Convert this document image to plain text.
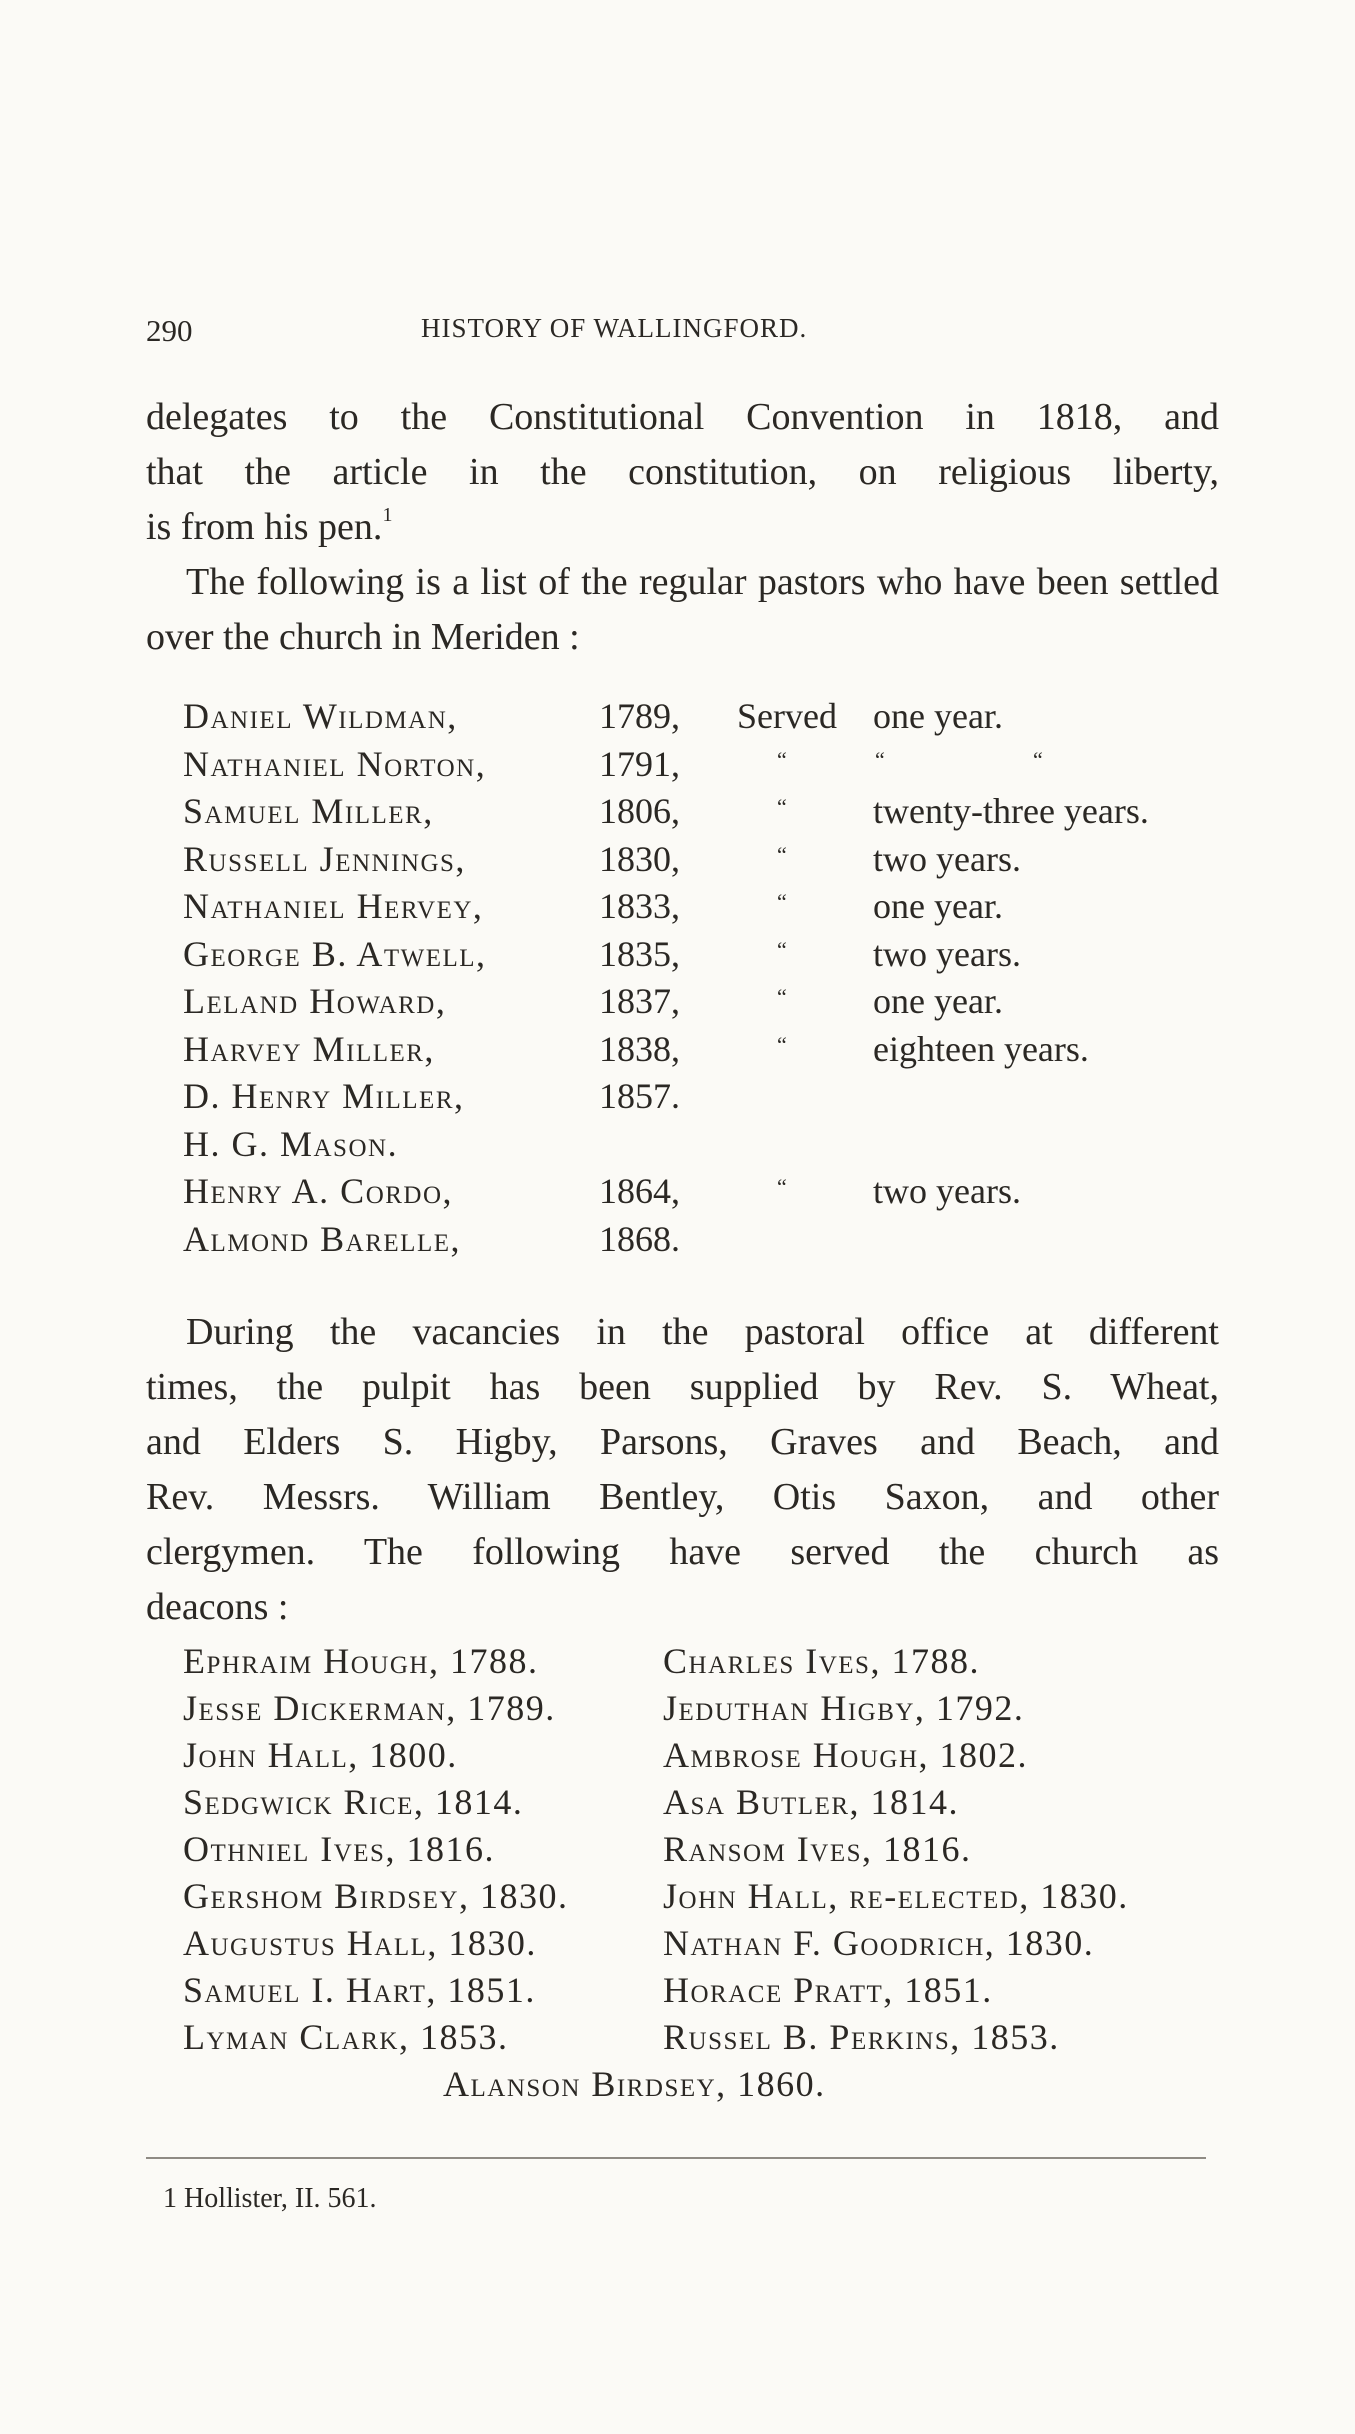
290	HISTORY OF WALLINGFORD.

delegates to the Constitutional Convention in 1818, and

that the article in the constitution, on religious liberty,

is from his pen.$^1$

The following is a list of the regular pastors who have been settled over the church in Meriden :

Daniel Wildman,	1789, Served one year.
Nathaniel Norton,	1791,	“	“	“
Samuel Miller,	1806,	“ twenty-three years.
Russell Jennings,	1830,	“ two years.
Nathaniel Hervey,	1833,	“ one year.
George B. Atwell,	1835,	“ two years.
Leland Howard,	1837,	“ one year.
Harvey Miller,	1838,	“ eighteen years.
D. Henry Miller,	1857.
H. G. Mason.
Henry A. Cordo,	1864,	“ two years.
Almond Barelle,	1868.

During the vacancies in the pastoral office at different

times, the pulpit has been supplied by Rev. S. Wheat,

and Elders S. Higby, Parsons, Graves and Beach, and

Rev. Messrs. William Bentley, Otis Saxon, and other

clergymen. The following have served the church as

deacons :

Ephraim Hough, 1788.	Charles Ives, 1788.
Jesse Dickerman, 1789.	Jeduthan Higby, 1792.
John Hall, 1800.	Ambrose Hough, 1802.
Sedgwick Rice, 1814.	Asa Butler, 1814.
Othniel Ives, 1816.	Ransom Ives, 1816.
Gershom Birdsey, 1830.	John Hall, re-elected, 1830.
Augustus Hall, 1830.	Nathan F. Goodrich, 1830.
Samuel I. Hart, 1851.	Horace Pratt, 1851.
Lyman Clark, 1853.	Russel B. Perkins, 1853.
Alanson Birdsey, 1860.
1 Hollister, II. 561.
